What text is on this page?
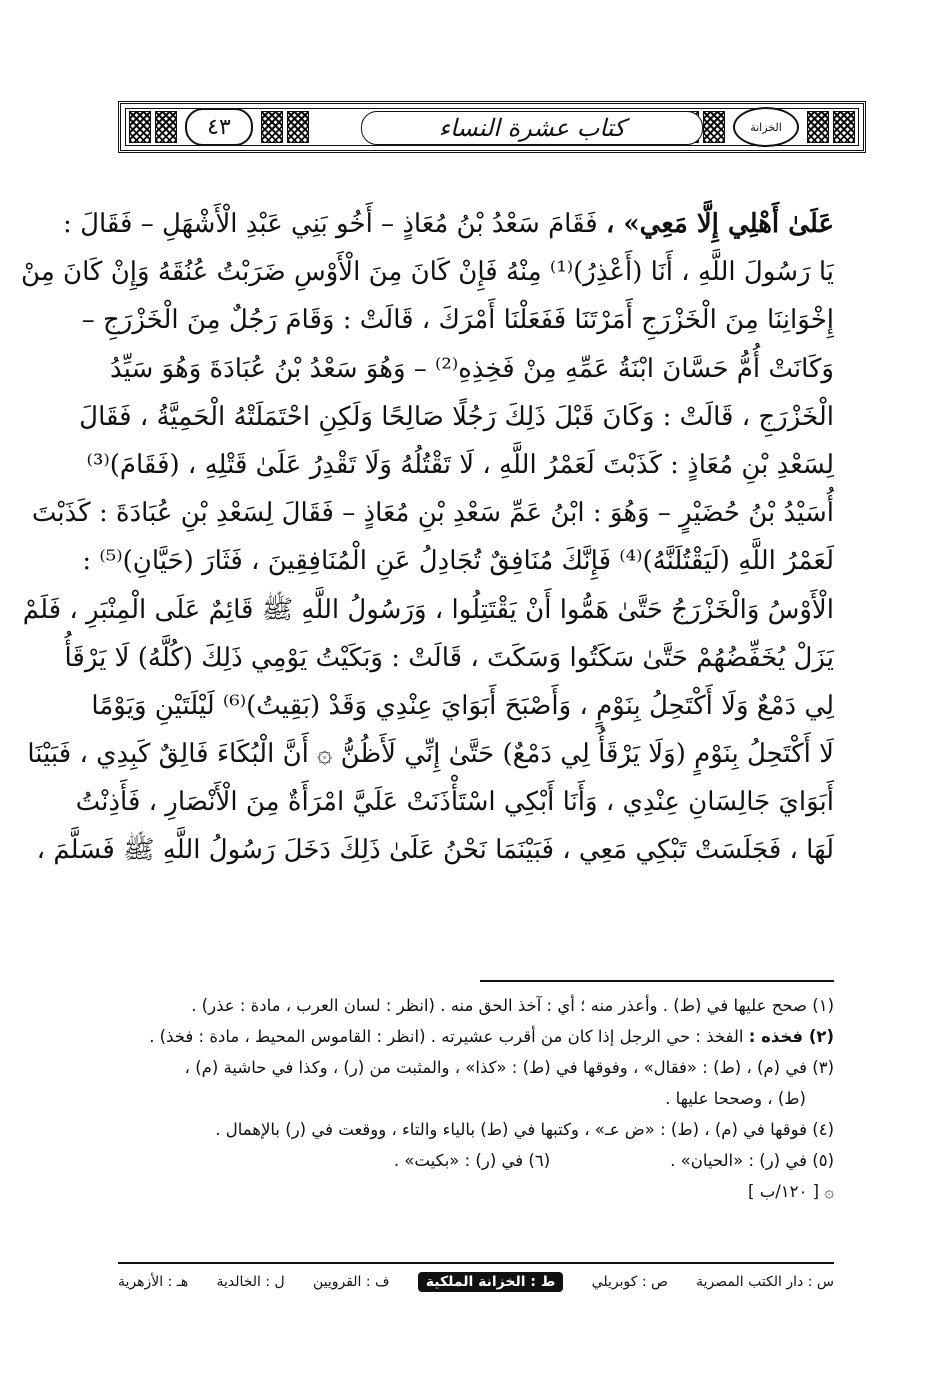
الخزانة
٤٣	كتاب عشرة النساء

عَلَىٰ أَهْلِي إِلَّا مَعِي» ، فَقَامَ سَعْدُ بْنُ مُعَاذٍ – أَخُو بَنِي عَبْدِ الْأَشْهَلِ – فَقَالَ :

يَا رَسُولَ اللَّهِ ، أَنَا (أَعْذِرُ)⁽¹⁾ مِنْهُ فَإِنْ كَانَ مِنَ الْأَوْسِ ضَرَبْتُ عُنُقَهُ وَإِنْ كَانَ مِنْ

إِخْوَانِنَا مِنَ الْخَزْرَجِ أَمَرْتَنَا فَفَعَلْنَا أَمْرَكَ ، قَالَتْ : وَقَامَ رَجُلٌ مِنَ الْخَزْرَجِ –

وَكَانَتْ أُمُّ حَسَّانَ ابْنَةُ عَمِّهِ مِنْ فَخِذِهِ⁽²⁾ – وَهُوَ سَعْدُ بْنُ عُبَادَةَ وَهُوَ سَيِّدُ

الْخَزْرَجِ ، قَالَتْ : وَكَانَ قَبْلَ ذَلِكَ رَجُلًا صَالِحًا وَلَكِنِ احْتَمَلَتْهُ الْحَمِيَّةُ ، فَقَالَ

لِسَعْدِ بْنِ مُعَاذٍ : كَذَبْتَ لَعَمْرُ اللَّهِ ، لَا تَقْتُلُهُ وَلَا تَقْدِرُ عَلَىٰ قَتْلِهِ ، (فَقَامَ)⁽³⁾

أُسَيْدُ بْنُ حُضَيْرٍ – وَهُوَ : ابْنُ عَمِّ سَعْدِ بْنِ مُعَاذٍ – فَقَالَ لِسَعْدِ بْنِ عُبَادَةَ : كَذَبْتَ

لَعَمْرُ اللَّهِ (لَيَقْتُلَنَّهُ)⁽⁴⁾ فَإِنَّكَ مُنَافِقٌ تُجَادِلُ عَنِ الْمُنَافِقِينَ ، فَثَارَ (حَيَّانِ)⁽⁵⁾ :

الْأَوْسُ وَالْخَزْرَجُ حَتَّىٰ هَمُّوا أَنْ يَقْتَتِلُوا ، وَرَسُولُ اللَّهِ ﷺ قَائِمٌ عَلَى الْمِنْبَرِ ، فَلَمْ

يَزَلْ يُخَفِّضُهُمْ حَتَّىٰ سَكَتُوا وَسَكَتَ ، قَالَتْ : وَبَكَيْتُ يَوْمِي ذَلِكَ (كُلَّهُ) لَا يَرْقَأُ

لِي دَمْعٌ وَلَا أَكْتَحِلُ بِنَوْمٍ ، وَأَصْبَحَ أَبَوَايَ عِنْدِي وَقَدْ (بَقِيتُ)⁽⁶⁾ لَيْلَتَيْنِ وَيَوْمًا

لَا أَكْتَحِلُ بِنَوْمٍ (وَلَا يَرْقَأُ لِي دَمْعٌ) حَتَّىٰ إِنِّي لَأَظُنُّ ۞ أَنَّ الْبُكَاءَ فَالِقٌ كَبِدِي ، فَبَيْنَا

أَبَوَايَ جَالِسَانِ عِنْدِي ، وَأَنَا أَبْكِي اسْتَأْذَنَتْ عَلَيَّ امْرَأَةٌ مِنَ الْأَنْصَارِ ، فَأَذِنْتُ

لَهَا ، فَجَلَسَتْ تَبْكِي مَعِي ، فَبَيْنَمَا نَحْنُ عَلَىٰ ذَلِكَ دَخَلَ رَسُولُ اللَّهِ ﷺ فَسَلَّمَ ،

(١) صحح عليها في (ط) . وأعذر منه ؛ أي : آخذ الحق منه . (انظر : لسان العرب ، مادة : عذر) .
(٢) فخذه : الفخذ : حي الرجل إذا كان من أقرب عشيرته . (انظر : القاموس المحيط ، مادة : فخذ) .
(٣) في (م) ، (ط) : «فقال» ، وفوقها في (ط) : «كذا» ، والمثبت من (ر) ، وكذا في حاشية (م) ،
(ط) ، وصححا عليها .
(٤) فوقها في (م) ، (ط) : «ض عـ» ، وكتبها في (ط) بالياء والتاء ، ووقعت في (ر) بالإهمال .
(٥) في (ر) : «الحيان» .
(٦) في (ر) : «بكيت» .
۞ [ ١٢٠/ب ]
س : دار الكتب المصرية
ص : كوبريلي
ط : الخزانة الملكية
ف : القرويين
ل : الخالدية
هـ : الأزهرية
